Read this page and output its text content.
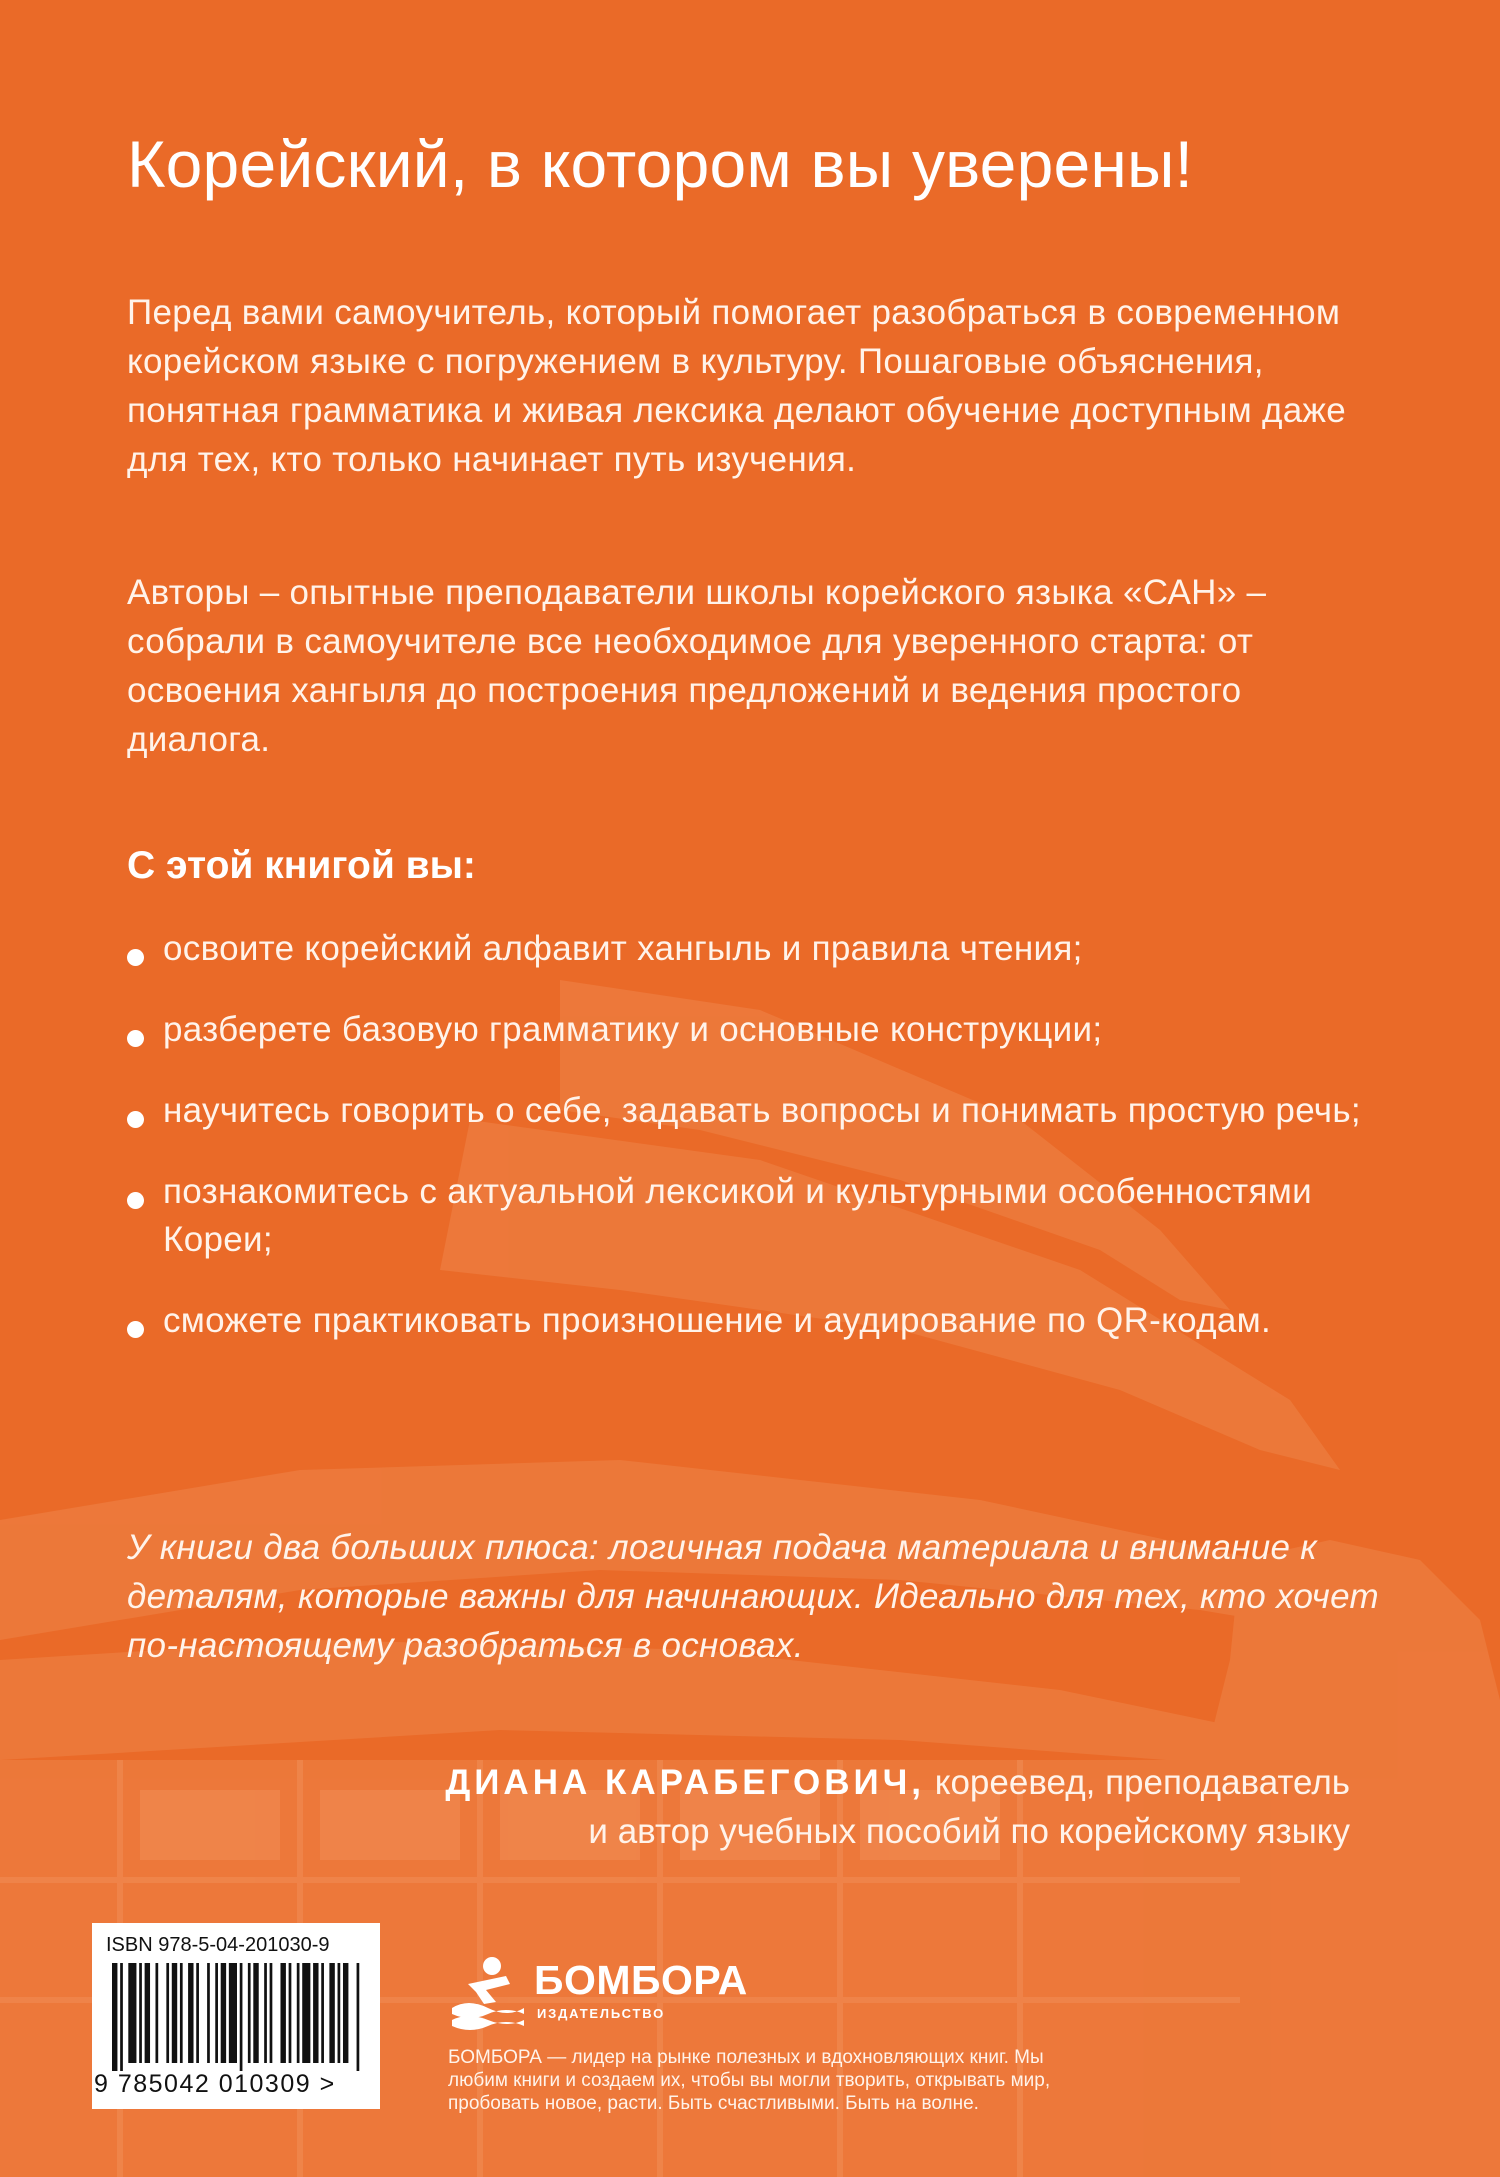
Корейский, в котором вы уверены!

Перед вами самоучитель, который помогает разобраться в современном корейском языке с погружением в культуру. Пошаговые объяснения, понятная грамматика и живая лексика делают обучение доступным даже для тех, кто только начинает путь изучения.

Авторы – опытные преподаватели школы корейского языка «САН» – собрали в самоучителе все необходимое для уверенного старта: от освоения хангыля до построения предложений и ведения простого диалога.

С этой книгой вы:
освоите корейский алфавит хангыль и правила чтения;
разберете базовую грамматику и основные конструкции;
научитесь говорить о себе, задавать вопросы и понимать простую речь;
познакомитесь с актуальной лексикой и культурными особенностями Кореи;
сможете практиковать произношение и аудирование по QR-кодам.

У книги два больших плюса: логичная подача материала и внимание к деталям, которые важны для начинающих. Идеально для тех, кто хочет по-настоящему разобраться в основах.

ДИАНА КАРАБЕГОВИЧ, кореевед, преподаватель
и автор учебных пособий по корейскому языку

ISBN 978-5-04-201030-9
9 785042 010309 >

БОМБОРА

ИЗДАТЕЛЬСТВО

БОМБОРА — лидер на рынке полезных и вдохновляющих книг. Мы любим книги и создаем их, чтобы вы могли творить, открывать мир, пробовать новое, расти. Быть счастливыми. Быть на волне.
